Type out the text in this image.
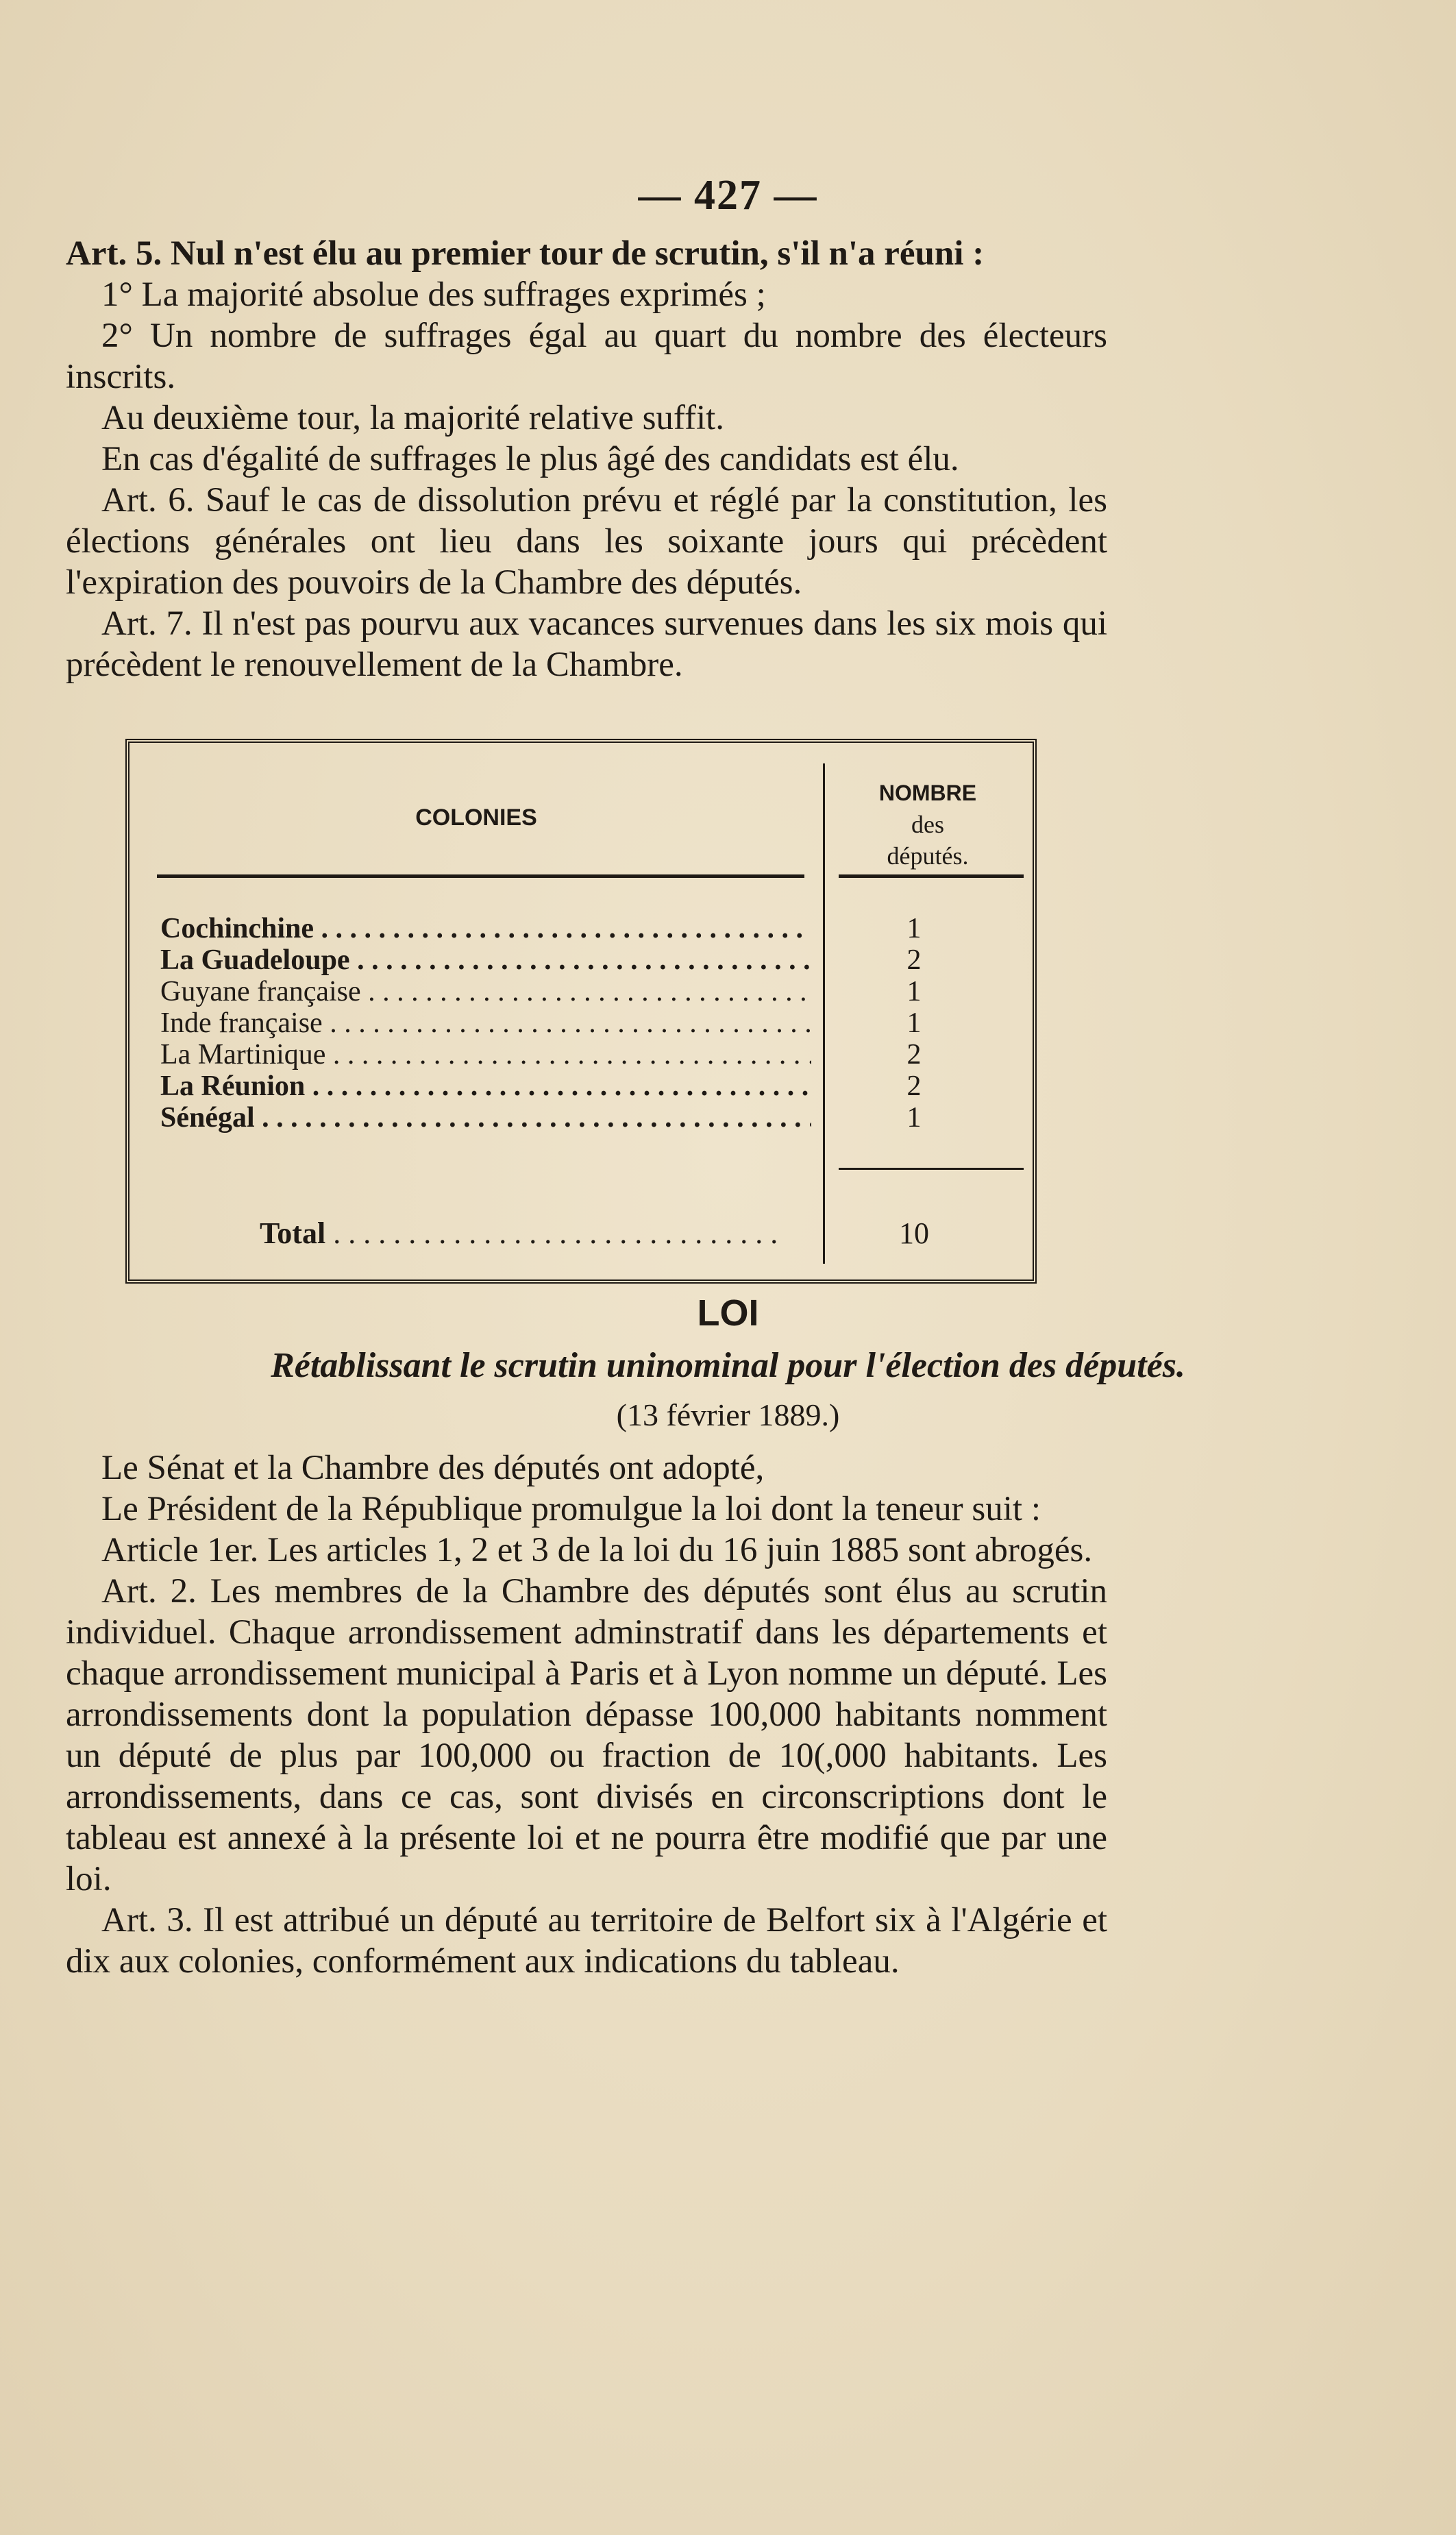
— 427 —

Art. 5. Nul n'est élu au premier tour de scrutin, s'il n'a réuni :

1° La majorité absolue des suffrages exprimés ;

2° Un nombre de suffrages égal au quart du nombre des électeurs inscrits.

Au deuxième tour, la majorité relative suffit.

En cas d'égalité de suffrages le plus âgé des candidats est élu.

Art. 6. Sauf le cas de dissolution prévu et réglé par la constitution, les élections générales ont lieu dans les soixante jours qui précèdent l'expiration des pouvoirs de la Chambre des députés.

Art. 7. Il n'est pas pourvu aux vacances survenues dans les six mois qui précèdent le renouvellement de la Chambre.

COLONIES
NOMBRE
des
députés.
Cochinchine . . .	1
La Guadeloupe . . .	2
Guyane française . . .	1
Inde française . . .	1
La Martinique . . .	2
La Réunion . . .	2
Sénégal . . .	1
Total . . .	10
LOI
Rétablissant le scrutin uninominal pour l'élection des députés.
(13 février 1889.)

Le Sénat et la Chambre des députés ont adopté,

Le Président de la République promulgue la loi dont la teneur suit :

Article 1er. Les articles 1, 2 et 3 de la loi du 16 juin 1885 sont abrogés.

Art. 2. Les membres de la Chambre des députés sont élus au scrutin individuel. Chaque arrondissement adminstratif dans les départements et chaque arrondissement municipal à Paris et à Lyon nomme un député. Les arrondissements dont la population dépasse 100,000 habitants nomment un député de plus par 100,000 ou fraction de 10(,000 habitants. Les arrondissements, dans ce cas, sont divisés en circonscriptions dont le tableau est annexé à la présente loi et ne pourra être modifié que par une loi.

Art. 3. Il est attribué un député au territoire de Belfort six à l'Algérie et dix aux colonies, conformément aux indications du tableau.
